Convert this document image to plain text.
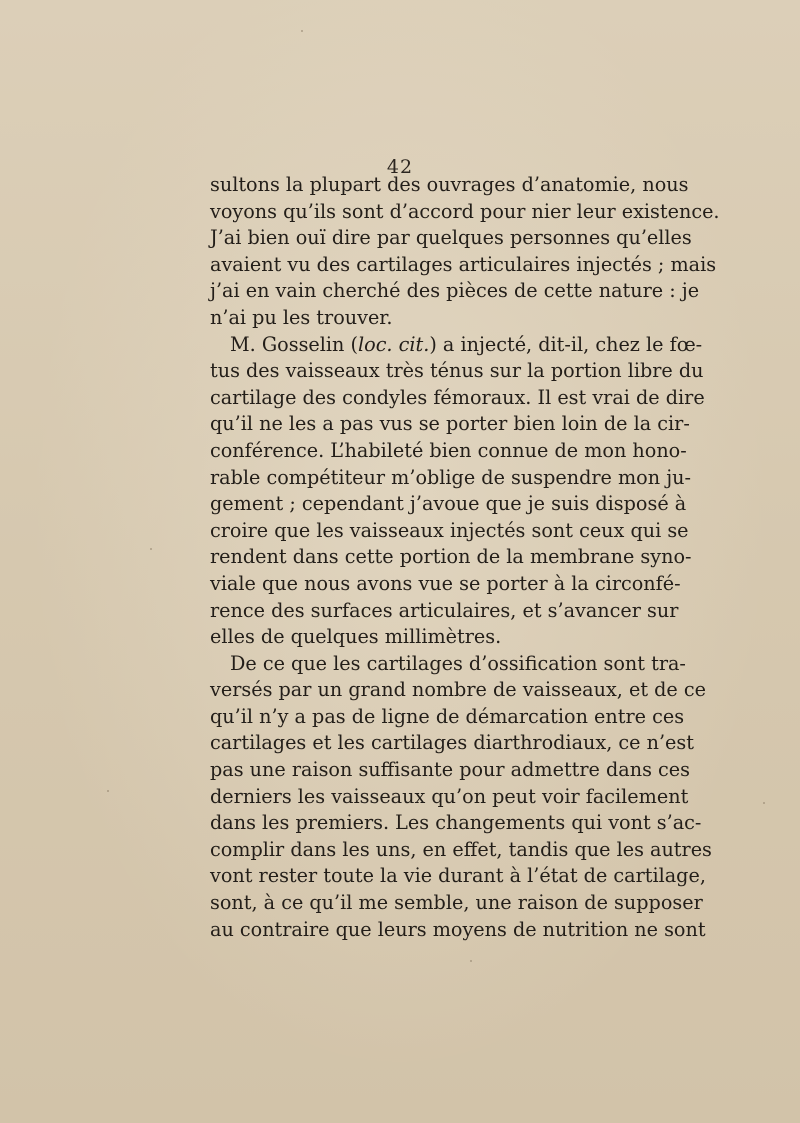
42
sultons la plupart des ouvrages d’anatomie, nous
voyons qu’ils sont d’accord pour nier leur existence.
J’ai bien ouï dire par quelques personnes qu’elles
avaient vu des cartilages articulaires injectés ; mais
j’ai en vain cherché des pièces de cette nature : je
n’ai pu les trouver.
M. Gosselin (loc. cit.) a injecté, dit-il, chez le fœ-
tus des vaisseaux très ténus sur la portion libre du
cartilage des condyles fémoraux. Il est vrai de dire
qu’il ne les a pas vus se porter bien loin de la cir-
conférence. L’habileté bien connue de mon hono-
rable compétiteur m’oblige de suspendre mon ju-
gement ; cependant j’avoue que je suis disposé à
croire que les vaisseaux injectés sont ceux qui se
rendent dans cette portion de la membrane syno-
viale que nous avons vue se porter à la circonfé-
rence des surfaces articulaires, et s’avancer sur
elles de quelques millimètres.
De ce que les cartilages d’ossification sont tra-
versés par un grand nombre de vaisseaux, et de ce
qu’il n’y a pas de ligne de démarcation entre ces
cartilages et les cartilages diarthrodiaux, ce n’est
pas une raison suffisante pour admettre dans ces
derniers les vaisseaux qu’on peut voir facilement
dans les premiers. Les changements qui vont s’ac-
complir dans les uns, en effet, tandis que les autres
vont rester toute la vie durant à l’état de cartilage,
sont, à ce qu’il me semble, une raison de supposer
au contraire que leurs moyens de nutrition ne sont
